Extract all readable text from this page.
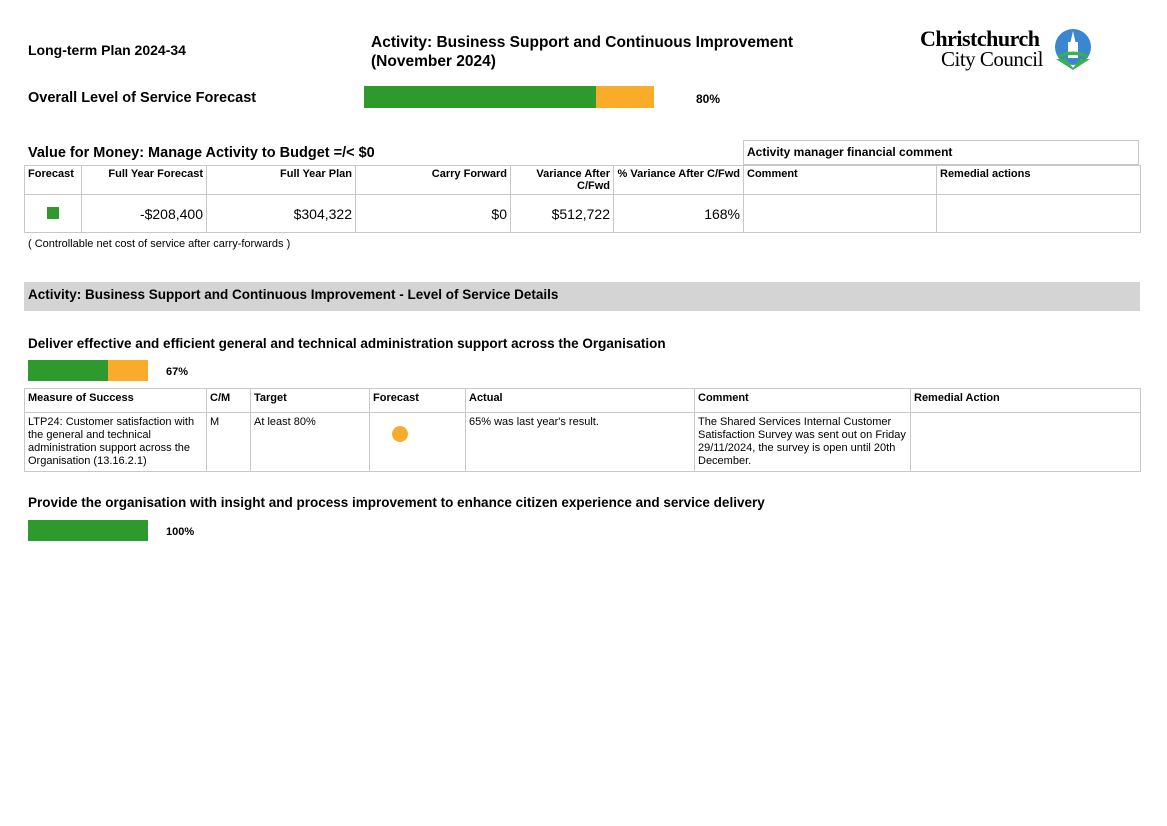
Long-term Plan 2024-34	Activity: Business Support and Continuous Improvement
(November 2024)
Christchurch
City Council
Overall Level of Service Forecast	80%
Value for Money: Manage Activity to Budget =/< $0	Activity manager financial comment
Forecast	Full Year Forecast	Full Year Plan	Carry Forward	Variance After C/Fwd	% Variance After C/Fwd	Comment	Remedial actions
	-$208,400	$304,322	$0	$512,722	168%		
( Controllable net cost of service after carry-forwards )
Activity: Business Support and Continuous Improvement - Level of Service Details
Deliver effective and efficient general and technical administration support across the Organisation
67%
Measure of Success	C/M	Target	Forecast	Actual	Comment	Remedial Action
LTP24: Customer satisfaction with the general and technical administration support across the Organisation (13.16.2.1)	M	At least 80%		65% was last year's result.	The Shared Services Internal Customer Satisfaction Survey was sent out on Friday 29/11/2024, the survey is open until 20th December.	
Provide the organisation with insight and process improvement to enhance citizen experience and service delivery
100%
